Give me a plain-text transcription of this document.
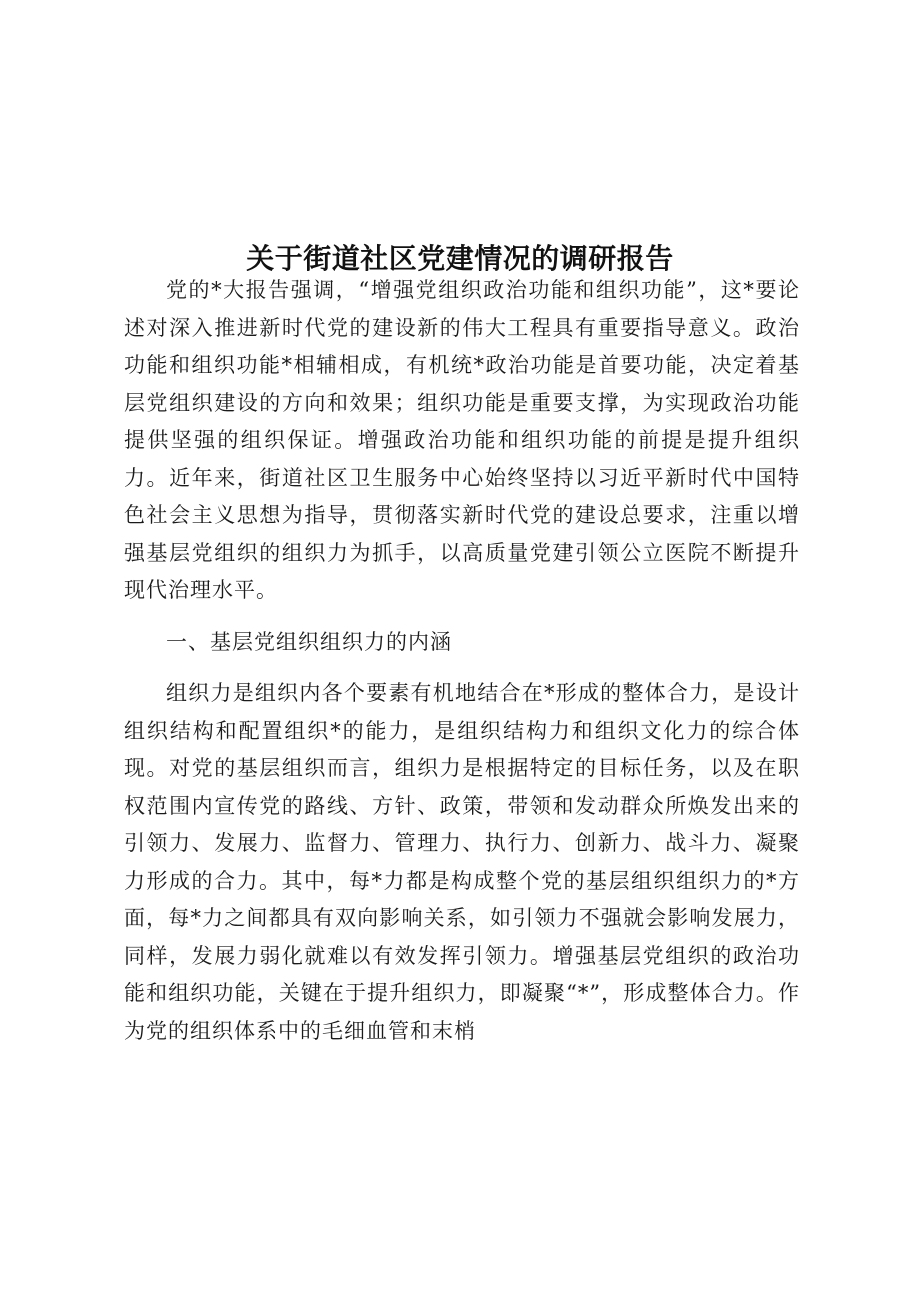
关于街道社区党建情况的调研报告

党的*大报告强调，“增强党组织政治功能和组织功能”，这*要论述对深入推进新时代党的建设新的伟大工程具有重要指导意义。政治功能和组织功能*相辅相成，有机统*政治功能是首要功能，决定着基层党组织建设的方向和效果；组织功能是重要支撑，为实现政治功能提供坚强的组织保证。增强政治功能和组织功能的前提是提升组织力。近年来，街道社区卫生服务中心始终坚持以习近平新时代中国特色社会主义思想为指导，贯彻落实新时代党的建设总要求，注重以增强基层党组织的组织力为抓手，以高质量党建引领公立医院不断提升现代治理水平。

一、基层党组织组织力的内涵

组织力是组织内各个要素有机地结合在*形成的整体合力，是设计组织结构和配置组织*的能力，是组织结构力和组织文化力的综合体现。对党的基层组织而言，组织力是根据特定的目标任务，以及在职权范围内宣传党的路线、方针、政策，带领和发动群众所焕发出来的引领力、发展力、监督力、管理力、执行力、创新力、战斗力、凝聚力形成的合力。其中，每*力都是构成整个党的基层组织组织力的*方面，每*力之间都具有双向影响关系，如引领力不强就会影响发展力，同样，发展力弱化就难以有效发挥引领力。增强基层党组织的政治功能和组织功能，关键在于提升组织力，即凝聚“*”，形成整体合力。作为党的组织体系中的毛细血管和末梢
